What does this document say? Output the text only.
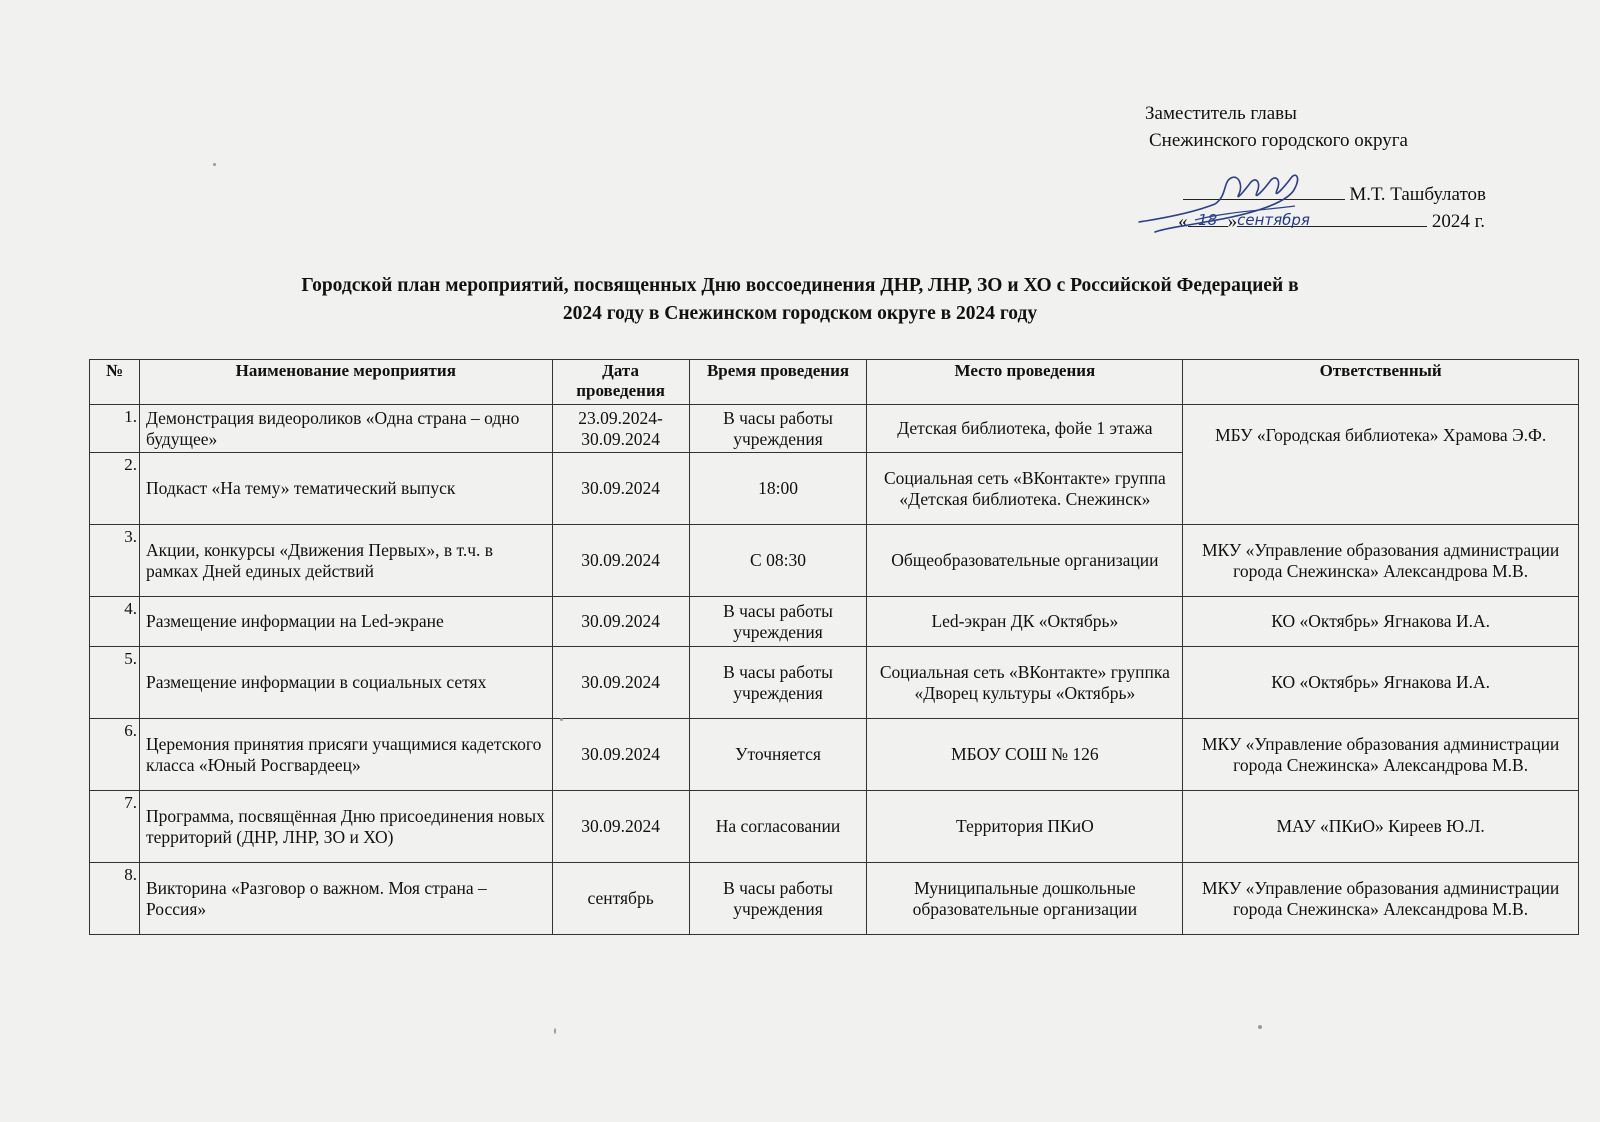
Заместитель главы
Снежинского городского округа
М.Т. Ташбулатов
« 18 »сентября	2024 г.
Городской план мероприятий, посвященных Дню воссоединения ДНР, ЛНР, ЗО и ХО с Российской Федерацией в
2024 году в Снежинском городском округе в 2024 году
№	Наименование мероприятия	Дата проведения	Время проведения	Место проведения	Ответственный
1.	Демонстрация видеороликов «Одна страна – одно будущее»	23.09.2024-30.09.2024	В часы работы учреждения	Детская библиотека, фойе 1 этажа	МБУ «Городская библиотека» Храмова Э.Ф.
2.	Подкаст «На тему» тематический выпуск	30.09.2024	18:00	Социальная сеть «ВКонтакте» группа «Детская библиотека. Снежинск»	
3.	Акции, конкурсы «Движения Первых», в т.ч. в рамках Дней единых действий	30.09.2024	С 08:30	Общеобразовательные организации	МКУ «Управление образования администрации города Снежинска» Александрова М.В.
4.	Размещение информации на Led-экране	30.09.2024	В часы работы учреждения	Led-экран ДК «Октябрь»	КО «Октябрь» Ягнакова И.А.
5.	Размещение информации в социальных сетях	30.09.2024	В часы работы учреждения	Социальная сеть «ВКонтакте» группка «Дворец культуры «Октябрь»	КО «Октябрь» Ягнакова И.А.
6.	Церемония принятия присяги учащимися кадетского класса «Юный Росгвардеец»	30.09.2024	Уточняется	МБОУ СОШ № 126	МКУ «Управление образования администрации города Снежинска» Александрова М.В.
7.	Программа, посвящённая Дню присоединения новых территорий (ДНР, ЛНР, ЗО и ХО)	30.09.2024	На согласовании	Территория ПКиО	МАУ «ПКиО» Киреев Ю.Л.
8.	Викторина «Разговор о важном. Моя страна – Россия»	сентябрь	В часы работы учреждения	Муниципальные дошкольные образовательные организации	МКУ «Управление образования администрации города Снежинска» Александрова М.В.
